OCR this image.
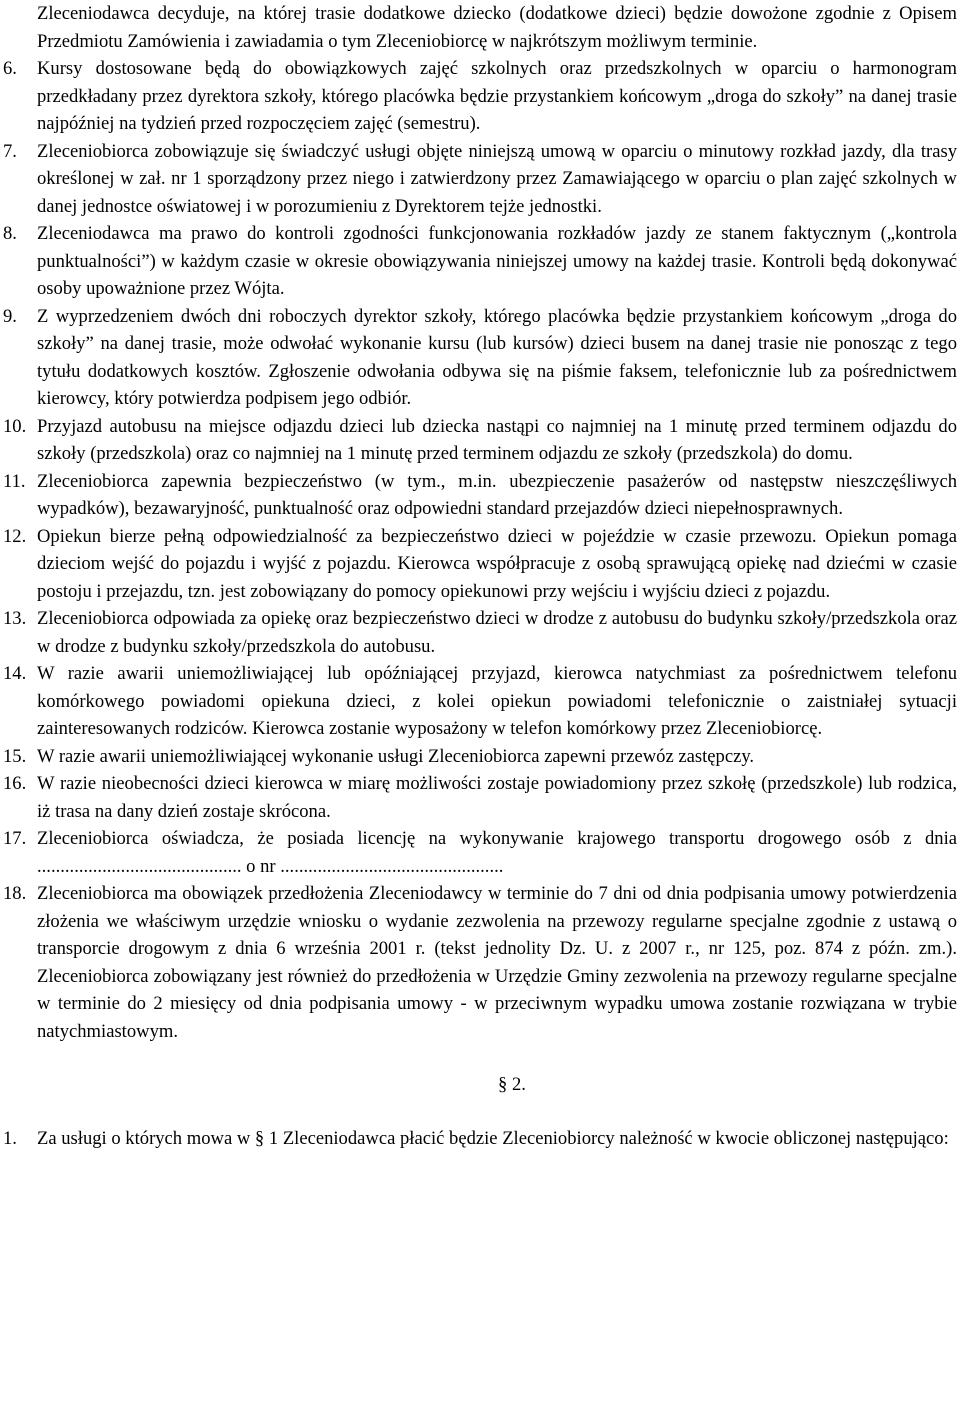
Zleceniodawca decyduje, na której trasie dodatkowe dziecko (dodatkowe dzieci) będzie dowożone zgodnie z Opisem Przedmiotu Zamówienia i zawiadamia o tym Zleceniobiorcę w najkrótszym możliwym terminie.

6. Kursy dostosowane będą do obowiązkowych zajęć szkolnych oraz przedszkolnych w oparciu o harmonogram przedkładany przez dyrektora szkoły, którego placówka będzie przystankiem końcowym „droga do szkoły” na danej trasie najpóźniej na tydzień przed rozpoczęciem zajęć (semestru).
7. Zleceniobiorca zobowiązuje się świadczyć usługi objęte niniejszą umową w oparciu o minutowy rozkład jazdy, dla trasy określonej w zał. nr 1 sporządzony przez niego i zatwierdzony przez Zamawiającego w oparciu o plan zajęć szkolnych w danej jednostce oświatowej i w porozumieniu z Dyrektorem tejże jednostki.
8. Zleceniodawca ma prawo do kontroli zgodności funkcjonowania rozkładów jazdy ze stanem faktycznym („kontrola punktualności”) w każdym czasie w okresie obowiązywania niniejszej umowy na każdej trasie. Kontroli będą dokonywać osoby upoważnione przez Wójta.
9. Z wyprzedzeniem dwóch dni roboczych dyrektor szkoły, którego placówka będzie przystankiem końcowym „droga do szkoły” na danej trasie, może odwołać wykonanie kursu (lub kursów) dzieci busem na danej trasie nie ponosząc z tego tytułu dodatkowych kosztów. Zgłoszenie odwołania odbywa się na piśmie faksem, telefonicznie lub za pośrednictwem kierowcy, który potwierdza podpisem jego odbiór.
10. Przyjazd autobusu na miejsce odjazdu dzieci lub dziecka nastąpi co najmniej na 1 minutę przed terminem odjazdu do szkoły (przedszkola) oraz co najmniej na 1 minutę przed terminem odjazdu ze szkoły (przedszkola) do domu.
11. Zleceniobiorca zapewnia bezpieczeństwo (w tym., m.in. ubezpieczenie pasażerów od następstw nieszczęśliwych wypadków), bezawaryjność, punktualność oraz odpowiedni standard przejazdów dzieci niepełnosprawnych.
12. Opiekun bierze pełną odpowiedzialność za bezpieczeństwo dzieci w pojeździe w czasie przewozu. Opiekun pomaga dzieciom wejść do pojazdu i wyjść z pojazdu. Kierowca współpracuje z osobą sprawującą opiekę nad dziećmi w czasie postoju i przejazdu, tzn. jest zobowiązany do pomocy opiekunowi przy wejściu i wyjściu dzieci z pojazdu.
13. Zleceniobiorca odpowiada za opiekę oraz bezpieczeństwo dzieci w drodze z autobusu do budynku szkoły/przedszkola oraz w drodze z budynku szkoły/przedszkola do autobusu.
14. W razie awarii uniemożliwiającej lub opóźniającej przyjazd, kierowca natychmiast za pośrednictwem telefonu komórkowego powiadomi opiekuna dzieci, z kolei opiekun powiadomi telefonicznie o zaistniałej sytuacji zainteresowanych rodziców. Kierowca zostanie wyposażony w telefon komórkowy przez Zleceniobiorcę.
15. W razie awarii uniemożliwiającej wykonanie usługi Zleceniobiorca zapewni przewóz zastępczy.
16. W razie nieobecności dzieci kierowca w miarę możliwości zostaje powiadomiony przez szkołę (przedszkole) lub rodzica, iż trasa na dany dzień zostaje skrócona.
17. Zleceniobiorca oświadcza, że posiada licencję na wykonywanie krajowego transportu drogowego osób z dnia ............................................ o nr ................................................
18. Zleceniobiorca ma obowiązek przedłożenia Zleceniodawcy w terminie do 7 dni od dnia podpisania umowy potwierdzenia złożenia we właściwym urzędzie wniosku o wydanie zezwolenia na przewozy regularne specjalne zgodnie z ustawą o transporcie drogowym z dnia 6 września 2001 r. (tekst jednolity Dz. U. z 2007 r., nr 125, poz. 874 z późn. zm.). Zleceniobiorca zobowiązany jest również do przedłożenia w Urzędzie Gminy zezwolenia na przewozy regularne specjalne w terminie do 2 miesięcy od dnia podpisania umowy - w przeciwnym wypadku umowa zostanie rozwiązana w trybie natychmiastowym.
§ 2.
1. Za usługi o których mowa w § 1 Zleceniodawca płacić będzie Zleceniobiorcy należność w kwocie obliczonej następująco:
